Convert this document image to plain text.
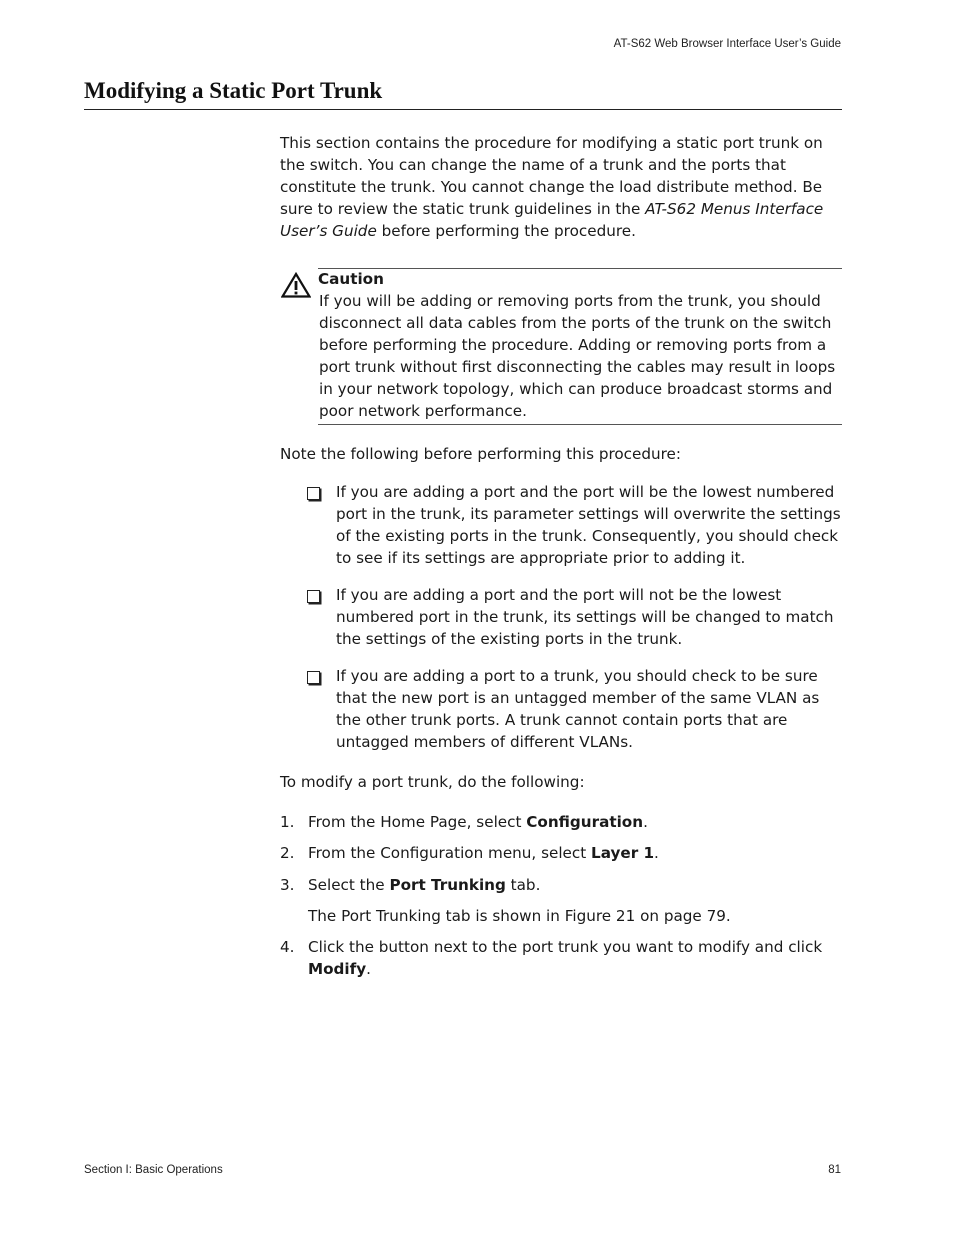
AT-S62 Web Browser Interface User’s Guide
Modifying a Static Port Trunk

This section contains the procedure for modifying a static port trunk on the switch. You can change the name of a trunk and the ports that constitute the trunk. You cannot change the load distribute method. Be sure to review the static trunk guidelines in the AT-S62 Menus Interface User’s Guide before performing the procedure.

Caution
If you will be adding or removing ports from the trunk, you should disconnect all data cables from the ports of the trunk on the switch before performing the procedure. Adding or removing ports from a port trunk without first disconnecting the cables may result in loops in your network topology, which can produce broadcast storms and poor network performance.
Note the following before performing this procedure:
If you are adding a port and the port will be the lowest numbered port in the trunk, its parameter settings will overwrite the settings of the existing ports in the trunk. Consequently, you should check to see if its settings are appropriate prior to adding it.
If you are adding a port and the port will not be the lowest numbered port in the trunk, its settings will be changed to match the settings of the existing ports in the trunk.
If you are adding a port to a trunk, you should check to be sure that the new port is an untagged member of the same VLAN as the other trunk ports. A trunk cannot contain ports that are untagged members of different VLANs.
To modify a port trunk, do the following:
1. From the Home Page, select Configuration.
2. From the Configuration menu, select Layer 1.
3. Select the Port Trunking tab.
The Port Trunking tab is shown in Figure 21 on page 79.
4. Click the button next to the port trunk you want to modify and click Modify.
Section I: Basic Operations	81
